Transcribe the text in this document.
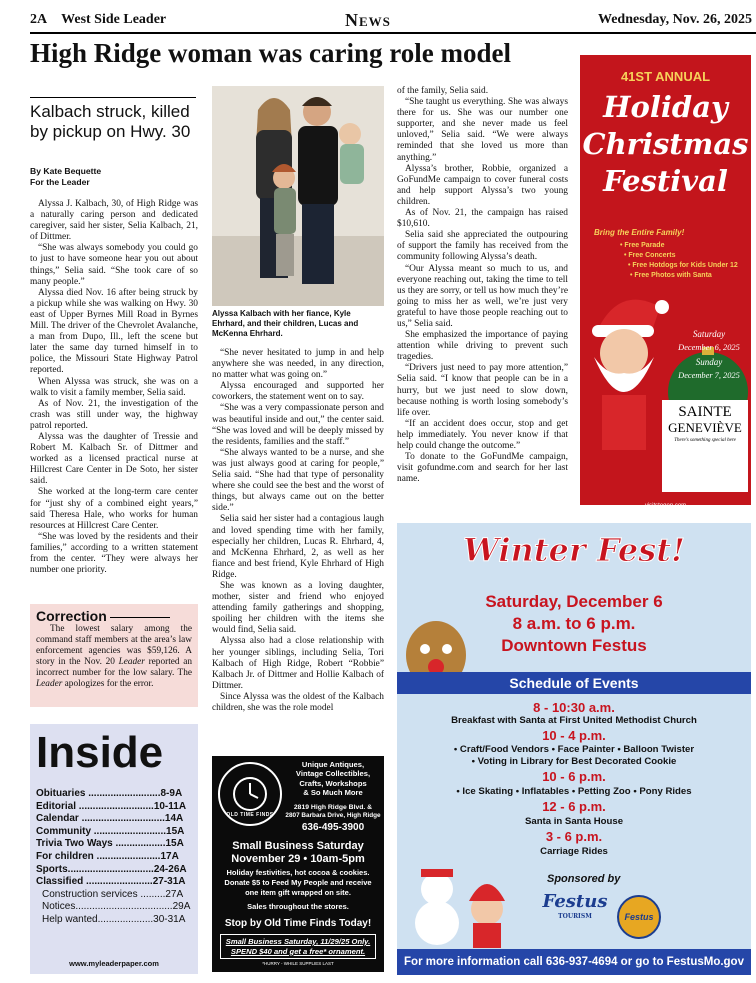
2A West Side Leader	News	Wednesday, Nov. 26, 2025
High Ridge woman was caring role model
Kalbach struck, killed by pickup on Hwy. 30
By Kate Bequette
For the Leader

Alyssa J. Kalbach, 30, of High Ridge was a naturally caring person and dedicated caregiver, said her sister, Selia Kalbach, 21, of Dittmer.

“She was always somebody you could go to just to have someone hear you out about things,” Selia said. “She took care of so many people.”

Alyssa died Nov. 16 after being struck by a pickup while she was walking on Hwy. 30 east of Upper Byrnes Mill Road in Byrnes Mill. The driver of the Chevrolet Avalanche, a man from Dupo, Ill., left the scene but later the same day turned himself in to police, the Missouri State Highway Patrol reported.

When Alyssa was struck, she was on a walk to visit a family member, Selia said.

As of Nov. 21, the investigation of the crash was still under way, the highway patrol reported.

Alyssa was the daughter of Tressie and Robert M. Kalbach Sr. of Dittmer and worked as a licensed practical nurse at Hillcrest Care Center in De Soto, her sister said.

She worked at the long-term care center for “just shy of a combined eight years,” said Theresa Hale, who works for human resources at Hillcrest Care Center.

“She was loved by the residents and their families,” according to a written statement from the center. “They were always her number one priority.

“She never hesitated to jump in and help anywhere she was needed, in any direction, no matter what was going on.”

Alyssa encouraged and supported her coworkers, the statement went on to say.

“She was a very compassionate person and was beautiful inside and out,” the center said. “She was loved and will be deeply missed by the residents, families and the staff.”

“She always wanted to be a nurse, and she was just always good at caring for people,” Selia said. “She had that type of personality where she could see the best and the worst of things, but always came out on the better side.”

Selia said her sister had a contagious laugh and loved spending time with her family, especially her children, Lucas R. Ehrhard, 4, and McKenna Ehrhard, 2, as well as her fiance and best friend, Kyle Ehrhard of High Ridge.

She was known as a loving daughter, mother, sister and friend who enjoyed attending family gatherings and shopping, spoiling her children with the items she would find, Selia said.

Alyssa also had a close relationship with her younger siblings, including Selia, Tori Kalbach of High Ridge, Robert “Robbie” Kalbach Jr. of Dittmer and Hollie Kalbach of Dittmer.

Since Alyssa was the oldest of the Kalbach children, she was the role model

of the family, Selia said.

“She taught us everything. She was always there for us. She was our number one supporter, and she never made us feel unloved,” Selia said. “We were always reminded that she loved us more than anything.”

Alyssa’s brother, Robbie, organized a GoFundMe campaign to cover funeral costs and help support Alyssa’s two young children.

As of Nov. 21, the campaign has raised $10,610.

Selia said she appreciated the outpouring of support the family has received from the community following Alyssa’s death.

“Our Alyssa meant so much to us, and everyone reaching out, taking the time to tell us they are sorry, or tell us how much they’re going to miss her as well, we’re just very grateful to have those people reaching out to us,” Selia said.

She emphasized the importance of paying attention while driving to prevent such tragedies.

“Drivers just need to pay more attention,” Selia said. “I know that people can be in a hurry, but we just need to slow down, because nothing is worth losing somebody’s life over.

“If an accident does occur, stop and get help immediately. You never know if that help could change the outcome.”

To donate to the GoFundMe campaign, visit gofundme.com and search for her last name.

Alyssa Kalbach with her fiance, Kyle Ehrhard, and their children, Lucas and McKenna Ehrhard.
Correction

The lowest salary among the command staff members at the area’s law enforcement agencies was $59,126. A story in the Nov. 20 Leader reported an incorrect number for the low salary. The Leader apologizes for the error.

Inside
Obituaries ..........................8-9A
Editorial ...........................10-11A
Calendar ..............................14A
Community ..........................15A
Trivia Two Ways ..................15A
For children .......................17A
Sports...............................24-26A
Classified ........................27-31A
Construction services .........27A
Notices...................................29A
Help wanted....................30-31A
www.myleaderpaper.com
OLD TIME FINDS
Unique Antiques,
Vintage Collectibles,
Crafts, Workshops
& So Much More
2819 High Ridge Blvd. &
2807 Barbara Drive, High Ridge
636-495-3900
Small Business Saturday
November 29 • 10am-5pm
Holiday festivities, hot cocoa & cookies.
Donate $5 to Feed My People and receive
one item gift wrapped on site.
Sales throughout the stores.
Stop by Old Time Finds Today!
Small Business Saturday, 11/29/25 Only.
SPEND $40 and get a free* ornament.
*HURRY - WHILE SUPPLIES LAST
41ST ANNUAL
Holiday
Christmas
Festival
Bring the Entire Family!
• Free Parade
• Free Concerts
• Free Hotdogs for Kids Under 12
• Free Photos with Santa
Saturday
December 6, 2025
Sunday
December 7, 2025
SAINTE
GENEVIÈVE
There’s something special here
visitstegen.com
Winter Fest!
Saturday, December 6
8 a.m. to 6 p.m.
Downtown Festus
Schedule of Events
8 - 10:30 a.m.
Breakfast with Santa at First United Methodist Church
10 - 4 p.m.
• Craft/Food Vendors • Face Painter • Balloon Twister
• Voting in Library for Best Decorated Cookie
10 - 6 p.m.
• Ice Skating • Inflatables • Petting Zoo • Pony Rides
12 - 6 p.m.
Santa in Santa House
3 - 6 p.m.
Carriage Rides
Sponsored by
Festus
TOURISM	Festus
For more information call 636-937-4694 or go to FestusMo.gov
